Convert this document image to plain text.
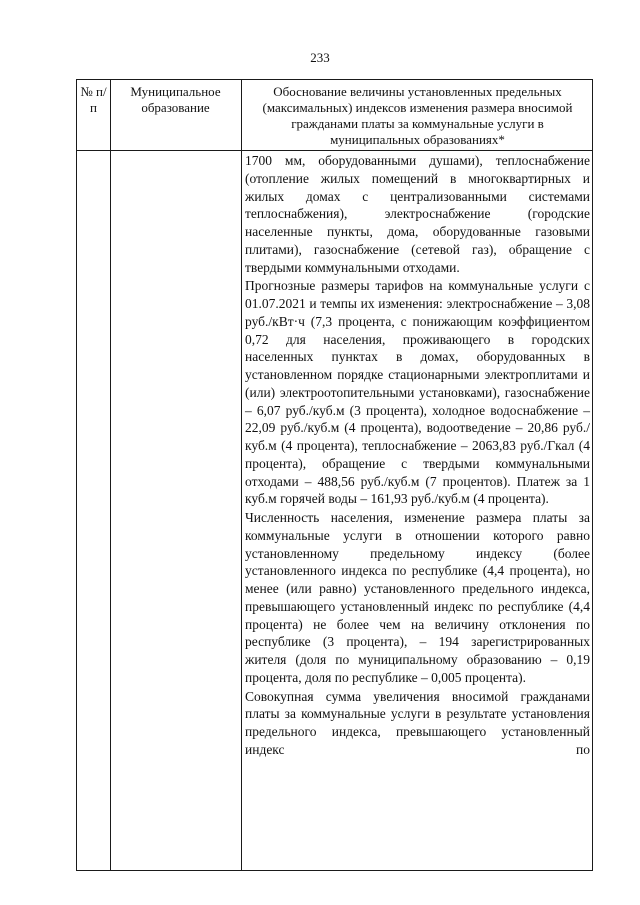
233
№ п/п
Муниципальное образование
Обоснование величины установленных предельных (максимальных) индексов изменения размера вносимой гражданами платы за коммунальные услуги в муниципальных образованиях*

1700 мм, оборудованными душами), теплоснабжение (отопление жилых помещений в многоквартирных и жилых домах с централизованными системами теплоснабжения), электроснабжение (городские населенные пункты, дома, оборудованные газовыми плитами), газоснабжение (сетевой газ), обращение с твердыми коммунальными отходами.

Прогнозные размеры тарифов на коммунальные услуги с 01.07.2021 и темпы их изменения: электроснабжение – 3,08 руб./кВт·ч (7,3 процента, с понижающим коэффициентом 0,72 для населения, проживающего в городских населенных пунктах в домах, оборудованных в установленном порядке стационарными электроплитами и (или) электроотопительными установками), газоснабжение – 6,07 руб./куб.м (3 процента), холодное водоснабжение – 22,09 руб./куб.м (4 процента), водоотведение – 20,86 руб./куб.м (4 процента), теплоснабжение – 2063,83 руб./Гкал (4 процента), обращение с твердыми коммунальными отходами – 488,56 руб./куб.м (7 процентов). Платеж за 1 куб.м горячей воды – 161,93 руб./куб.м (4 процента).

Численность населения, изменение размера платы за коммунальные услуги в отношении которого равно установленному предельному индексу (более установленного индекса по республике (4,4 процента), но менее (или равно) установленного предельного индекса, превышающего установленный индекс по республике (4,4 процента) не более чем на величину отклонения по республике (3 процента), – 194 зарегистрированных жителя (доля по муниципальному образованию – 0,19 процента, доля по республике – 0,005 процента).

Совокупная сумма увеличения вносимой гражданами платы за коммунальные услуги в результате установления предельного индекса, превышающего установленный индекс по
